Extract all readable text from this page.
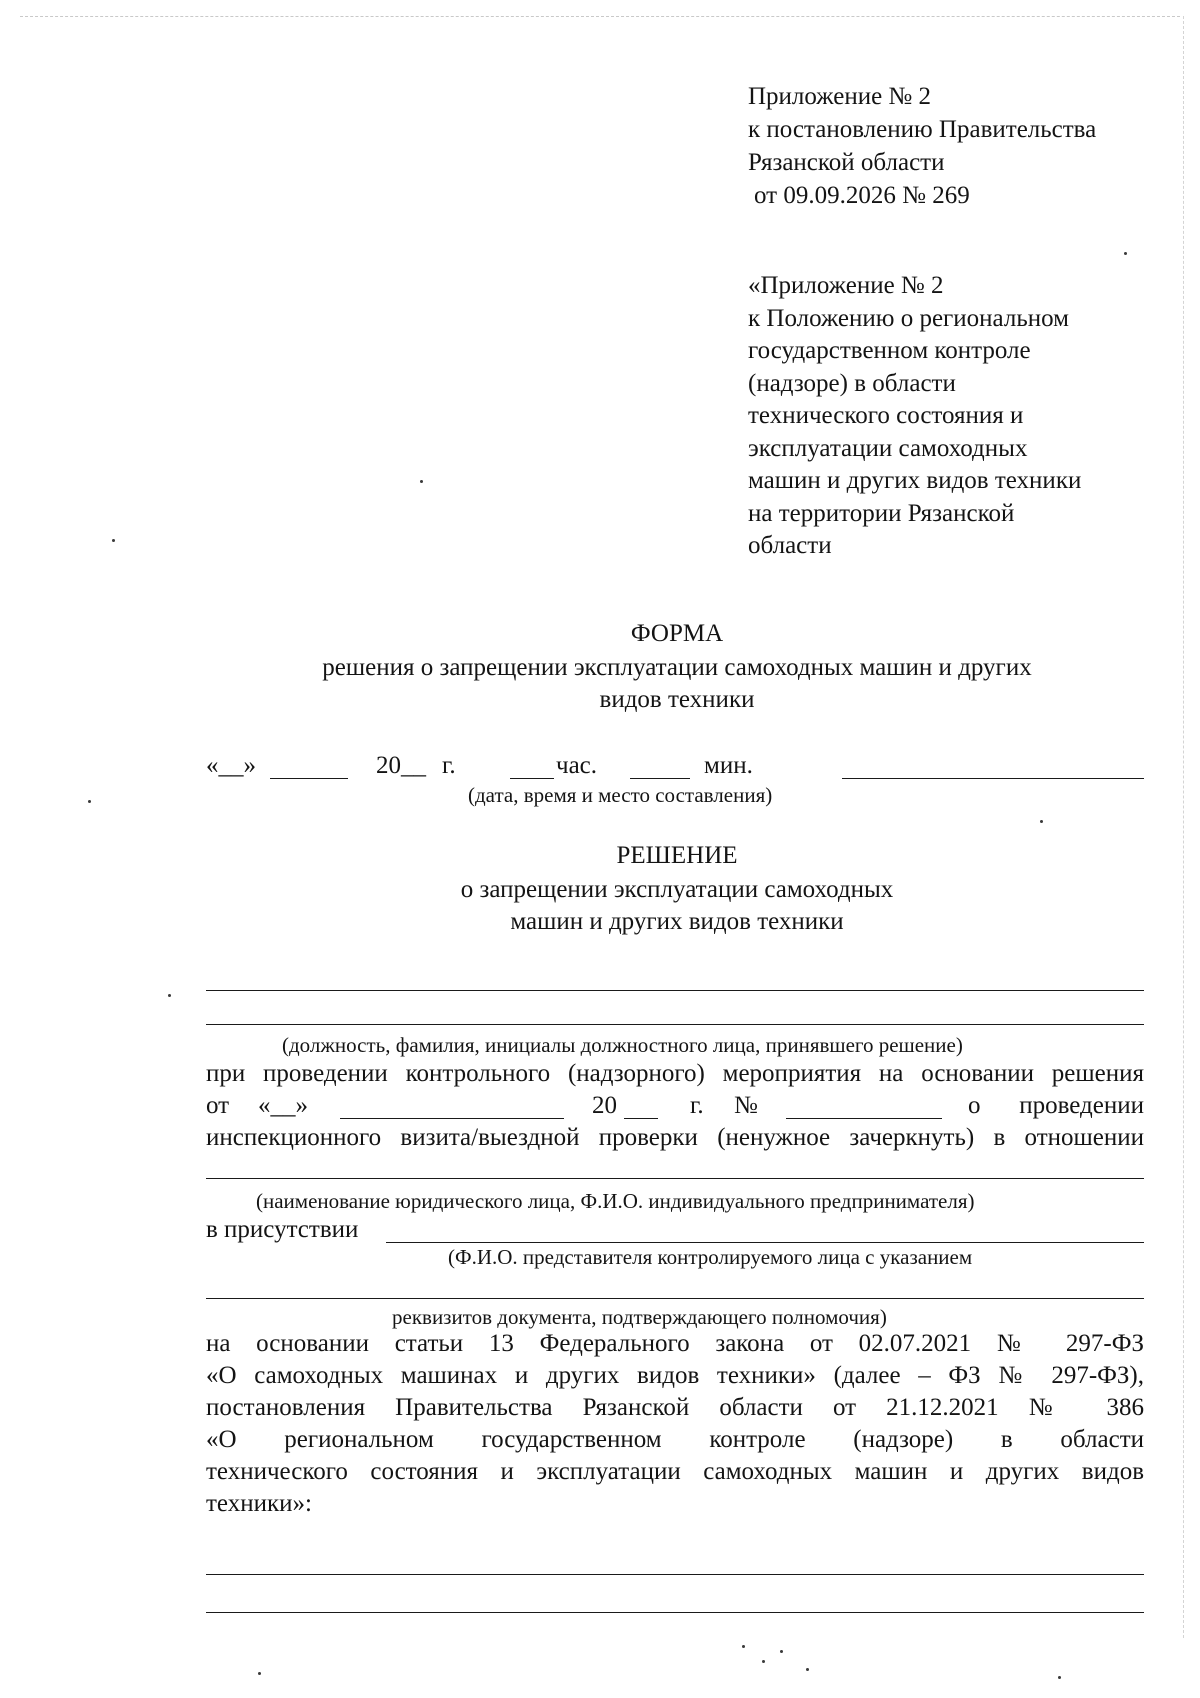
Приложение № 2
к постановлению Правительства
Рязанской области
от 09.09.2026 № 269
«Приложение № 2
к Положению о региональном
государственном контроле
(надзоре) в области
технического состояния и
эксплуатации самоходных
машин и других видов техники
на территории Рязанской
области
ФОРМА
решения о запрещении эксплуатации самоходных машин и других
видов техники
«__»	20__ г.	час.	мин.
(дата, время и место составления)
РЕШЕНИЕ
о запрещении эксплуатации самоходных
машин и других видов техники
(должность, фамилия, инициалы должностного лица, принявшего решение)
при проведении контрольного (надзорного) мероприятия на основании решения
от «__»	20	г. №	о проведении
инспекционного визита/выездной проверки (ненужное зачеркнуть) в отношении
(наименование юридического лица, Ф.И.О. индивидуального предпринимателя)
в присутствии
(Ф.И.О. представителя контролируемого лица с указанием
реквизитов документа, подтверждающего полномочия)
на основании статьи 13 Федерального закона от 02.07.2021 № 297-ФЗ
«О самоходных машинах и других видов техники» (далее – ФЗ № 297-ФЗ),
постановления Правительства Рязанской области от 21.12.2021 № 386
«О региональном государственном контроле (надзоре) в области
технического состояния и эксплуатации самоходных машин и других видов
техники»:
